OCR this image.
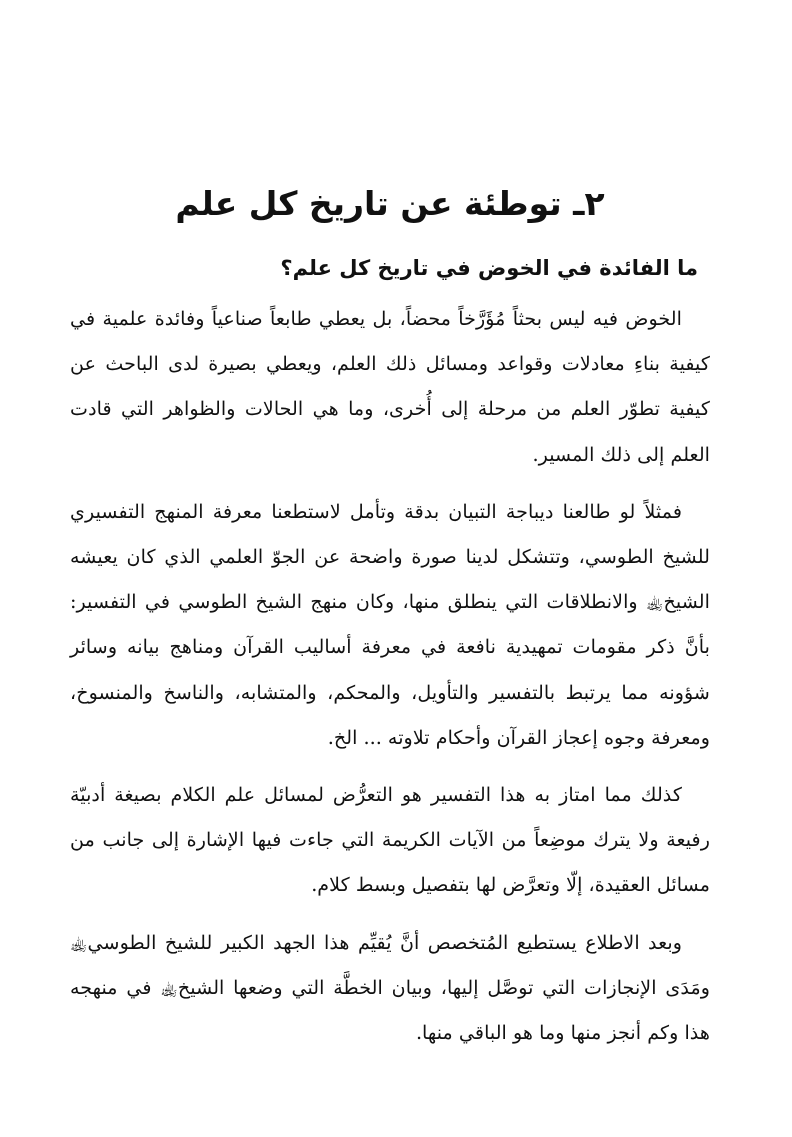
٢ـ توطئة عن تاريخ كل علم
ما الفائدة في الخوض في تاريخ كل علم؟

الخوض فيه ليس بحثاً مُؤَرَّخاً محضاً، بل يعطي طابعاً صناعياً وفائدة علمية في كيفية بناءِ معادلات وقواعد ومسائل ذلك العلم، ويعطي بصيرة لدى الباحث عن كيفية تطوّر العلم من مرحلة إلى أُخرى، وما هي الحالات والظواهر التي قادت العلم إلى ذلك المسير.

فمثلاً لو طالعنا ديباجة التبيان بدقة وتأمل لاستطعنا معرفة المنهج التفسيري للشيخ الطوسي، وتتشكل لدينا صورة واضحة عن الجوّ العلمي الذي كان يعيشه الشيخ﵀ والانطلاقات التي ينطلق منها، وكان منهج الشيخ الطوسي في التفسير: بأنَّ ذكر مقومات تمهيدية نافعة في معرفة أساليب القرآن ومناهج بيانه وسائر شؤونه مما يرتبط بالتفسير والتأويل، والمحكم، والمتشابه، والناسخ والمنسوخ، ومعرفة وجوه إعجاز القرآن وأحكام تلاوته ... الخ.

كذلك مما امتاز به هذا التفسير هو التعرُّض لمسائل علم الكلام بصيغة أدبيّة رفيعة ولا يترك موضِعاً من الآيات الكريمة التي جاءت فيها الإشارة إلى جانب من مسائل العقيدة، إلّا وتعرَّض لها بتفصيل وبسط كلام.

وبعد الاطلاع يستطيع المُتخصص أنَّ يُقيِّم هذا الجهد الكبير للشيخ الطوسي﵀ ومَدَى الإنجازات التي توصَّل إليها، وبيان الخطَّة التي وضعها الشيخ﵀ في منهجه هذا وكم أنجز منها وما هو الباقي منها.
